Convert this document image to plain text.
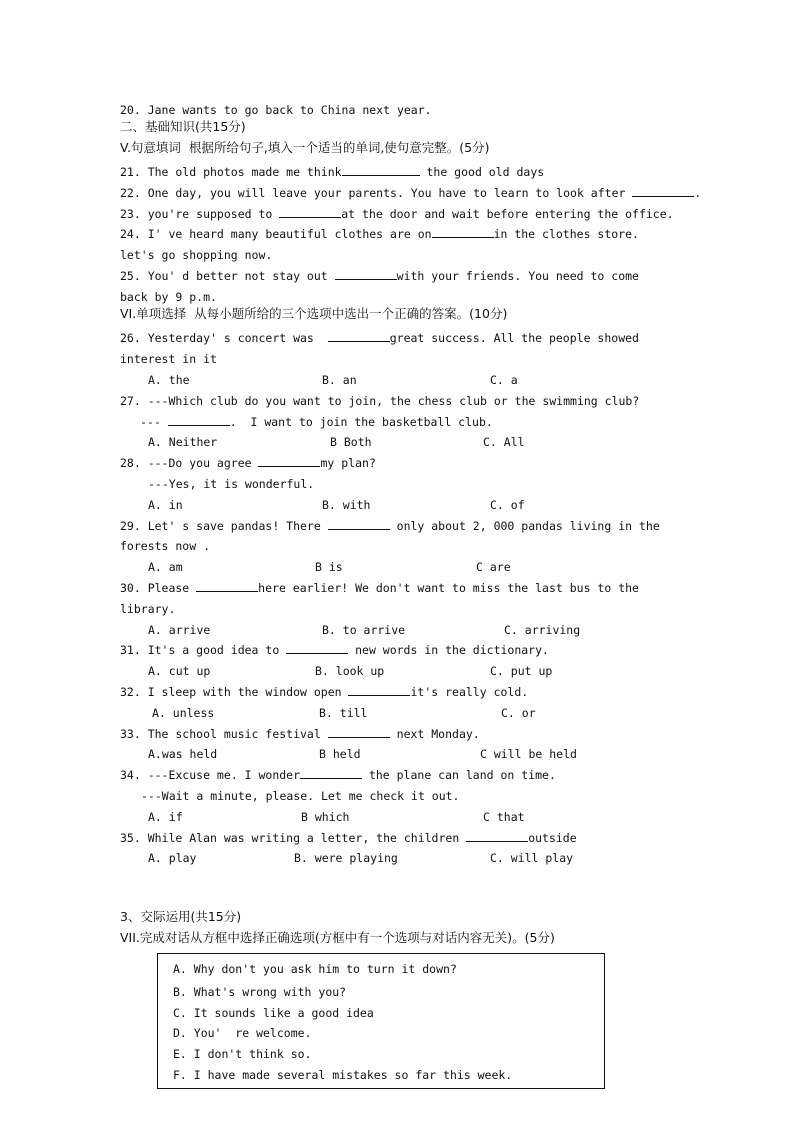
20. Jane wants to go back to China next year.
二、基础知识(共15分)
V.句意填词  根据所给句子,填入一个适当的单词,使句意完整。(5分)
21. The old photos made me think	the good old days
22. One day, you will leave your parents. You have to learn to look after	.
23. you're supposed to	at the door and wait before entering the office.
24. I' ve heard many beautiful clothes are on	in the clothes store.
let's go shopping now.
25. You' d better not stay out	with your friends. You need to come
back by 9 p.m.
VI.单项选择  从每小题所给的三个选项中选出一个正确的答案。(10分)
26. Yesterday' s concert was	great success. All the people showed
interest in it

A. the

	B. an

	C. a

27. ---Which club do you want to join, the chess club or the swimming club?
---	.  I want to join the basketball club.

A. Neither

	B Both

	C. All

28. ---Do you agree	my plan?
---Yes, it is wonderful.

A. in

	B. with

	C. of

29. Let' s save pandas! There	only about 2, 000 pandas living in the
forests now .

A. am

	B is

	C are

30. Please	here earlier! We don't want to miss the last bus to the
library.

A. arrive

	B. to arrive

	C. arriving

31. It's a good idea to	new words in the dictionary.

A. cut up

	B. look up

	C. put up

32. I sleep with the window open	it's really cold.

A. unless

	B. till

	C. or

33. The school music festival	next Monday.

A.was held

	B held

	C will be held

34. ---Excuse me. I wonder	the plane can land on time.
---Wait a minute, please. Let me check it out.

A. if

	B which

	C that

35. While Alan was writing a letter, the children	outside

A. play

	B. were playing

	C. will play

3、交际运用(共15分)
VII.完成对话从方框中选择正确选项(方框中有一个选项与对话内容无关)。(5分)
A. Why don't you ask him to turn it down?
B. What's wrong with you?
C. It sounds like a good idea
D. You'  re welcome.
E. I don't think so.
F. I have made several mistakes so far this week.
